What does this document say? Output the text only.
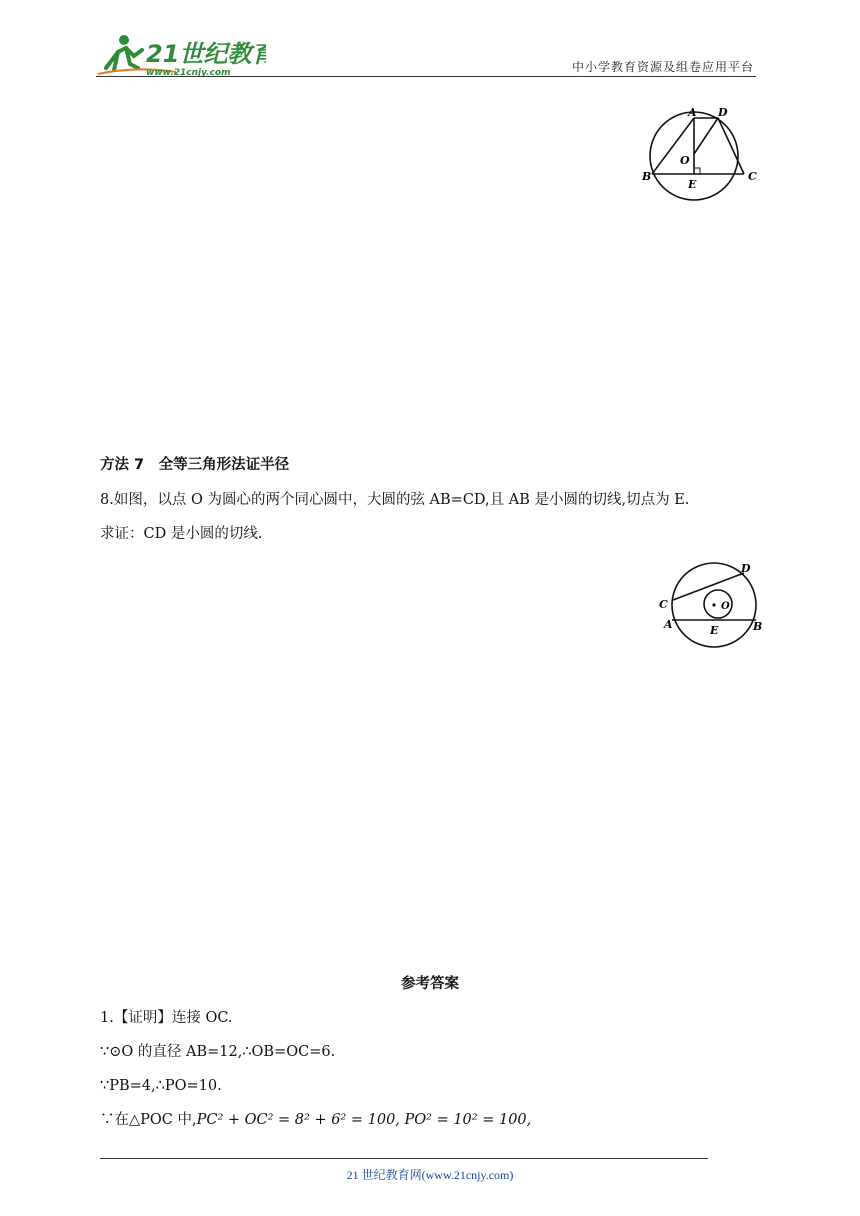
21世纪教育
www.21cnjy.com	中小学教育资源及组卷应用平台
A D
O
B
E
C
方法 7　全等三角形法证半径
8.如图，以点 O 为圆心的两个同心圆中，大圆的弦 AB=CD,且 AB 是小圆的切线,切点为 E.
求证：CD 是小圆的切线.
D
C	O
A	E	B
参考答案
1.【证明】连接 OC.
∵⊙O 的直径 AB=12,∴OB=OC=6.
∵PB=4,∴PO=10.
∵在△POC 中,PC² + OC² = 8² + 6² = 100, PO² = 10² = 100,
21 世纪教育网(www.21cnjy.com)
